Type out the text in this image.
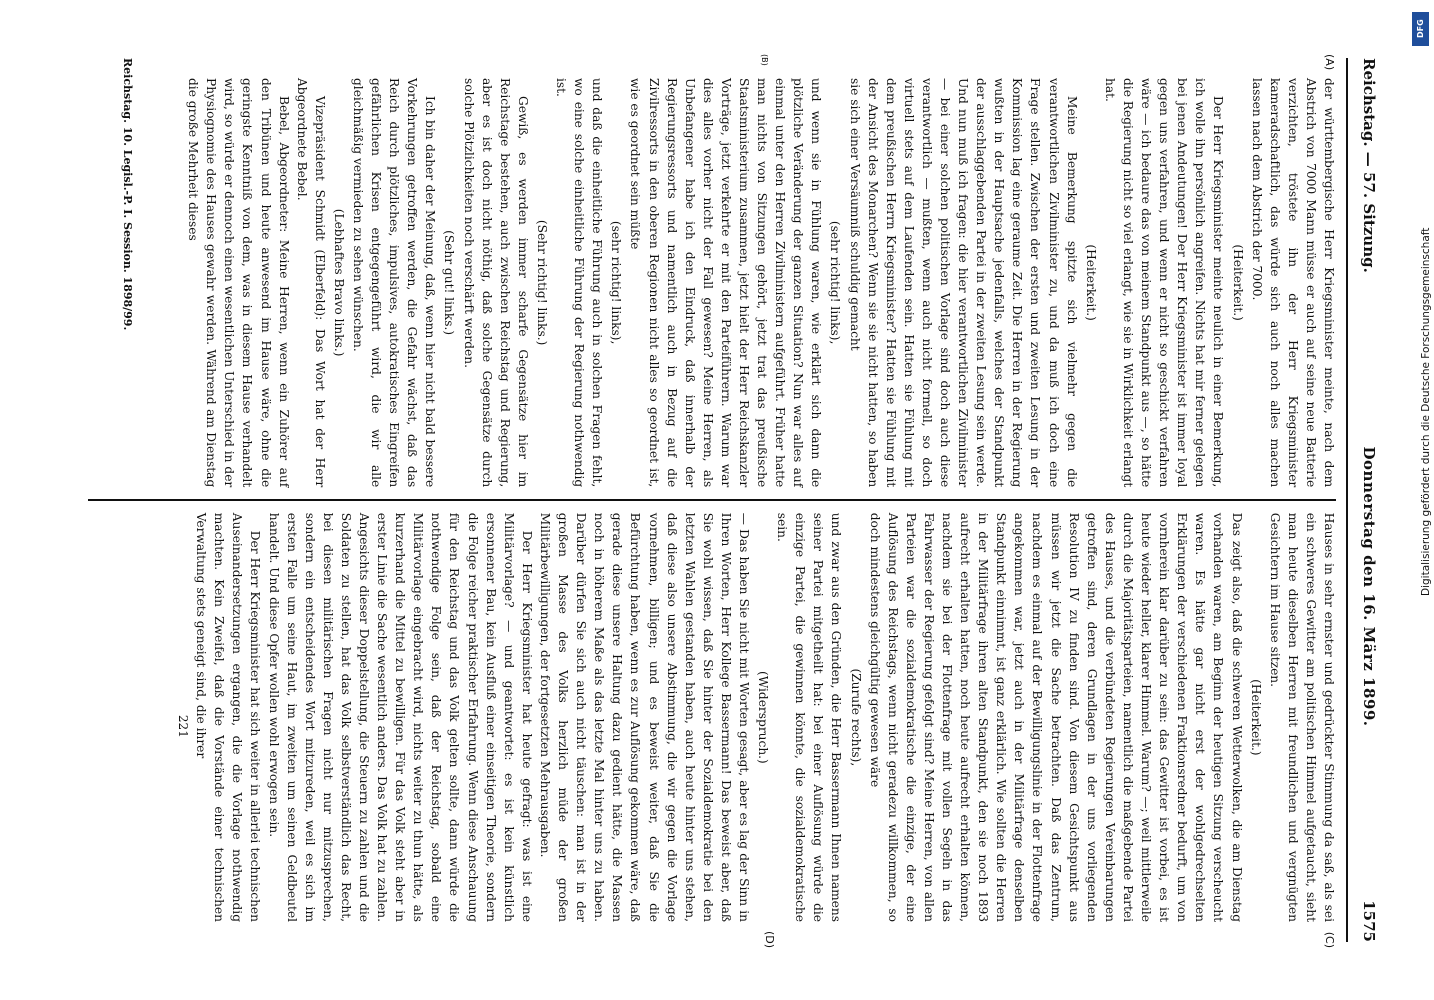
Reichstag. — 57. Sitzung.
Donnerstag den 16. März 1899.
1575
(A)
(B)

der württembergische Herr Kriegsminister meinte, nach dem Abstrich von 7000 Mann müsse er auch auf seine neue Batterie verzichten, tröstete ihn der Herr Kriegsminister kameradschaftlich, das würde sich auch noch alles machen lassen nach dem Abstrich der 7000.

(Heiterkeit.)

Der Herr Kriegsminister meinte neulich in einer Bemerkung, ich wolle ihn persönlich angreifen. Nichts hat mir ferner gelegen bei jenen Andeutungen! Der Herr Kriegsminister ist immer loyal gegen uns verfahren, und wenn er nicht so geschickt verfahren wäre — ich bedaure das von meinem Standpunkt aus —, so hätte die Regierung nicht so viel erlangt, wie sie in Wirklichkeit erlangt hat.

(Heiterkeit.)

Meine Bemerkung spitzte sich vielmehr gegen die verantwortlichen Zivilminister zu, und da muß ich doch eine Frage stellen. Zwischen der ersten und zweiten Lesung in der Kommission lag eine geraume Zeit. Die Herren in der Regierung wußten in der Hauptsache jedenfalls, welches der Standpunkt der ausschlaggebenden Partei in der zweiten Lesung sein werde. Und nun muß ich fragen: die hier verantwortlichen Zivilminister — bei einer solchen politischen Vorlage sind doch auch diese verantwortlich — mußten, wenn auch nicht formell, so doch virtuell stets auf dem Laufenden sein. Hatten sie Fühlung mit dem preußischen Herrn Kriegsminister? Hatten sie Fühlung mit der Ansicht des Monarchen? Wenn sie sie nicht hatten, so haben sie sich einer Versäumniß schuldig gemacht

(sehr richtig! links),

und wenn sie in Fühlung waren, wie erklärt sich dann die plötzliche Veränderung der ganzen Situation? Nun war alles auf einmal unter den Herren Zivilministern aufgeführt. Früher hatte man nichts von Sitzungen gehört, jetzt trat das preußische Staatsministerium zusammen, jetzt hielt der Herr Reichskanzler Vorträge, jetzt verkehrte er mit den Parteiführern. Warum war dies alles vorher nicht der Fall gewesen? Meine Herren, als Unbefangener habe ich den Eindruck, daß innerhalb der Regierungsressorts und namentlich auch in Bezug auf die Zivilressorts in den oberen Regionen nicht alles so geordnet ist, wie es geordnet sein müßte

(sehr richtig! links),

und daß die einheitliche Führung auch in solchen Fragen fehlt, wo eine solche einheitliche Führung der Regierung nothwendig ist.

(Sehr richtig! links.)

Gewiß, es werden immer scharfe Gegensätze hier im Reichstage bestehen, auch zwischen Reichstag und Regierung, aber es ist doch nicht nöthig, daß solche Gegensätze durch solche Plötzlichkeiten noch verschärft werden.

(Sehr gut! links.)

Ich bin daher der Meinung, daß, wenn hier nicht bald bessere Vorkehrungen getroffen werden, die Gefahr wächst, daß das Reich durch plötzliches, impulsives, autokratisches Eingreifen gefährlichen Krisen entgegengeführt wird, die wir alle gleichmäßig vermieden zu sehen wünschen.

(Lebhaftes Bravo links.)

Vizepräsident Schmidt (Elberfeld): Das Wort hat der Herr Abgeordnete Bebel.

Bebel, Abgeordneter: Meine Herren, wenn ein Zuhörer auf den Tribünen und heute anwesend im Hause wäre, ohne die geringste Kenntniß von dem, was in diesem Hause verhandelt wird, so würde er dennoch einen wesentlichen Unterschied in der Physiognomie des Hauses gewahr werden. Während am Dienstag die große Mehrheit dieses

(C)
(D)

Hauses in sehr ernster und gedrückter Stimmung da saß, als sei ein schweres Gewitter am politischen Himmel aufgetaucht, sieht man heute dieselben Herren mit freundlichen und vergnügten Gesichtern im Hause sitzen.

(Heiterkeit.)

Das zeigt also, daß die schweren Wetterwolken, die am Dienstag vorhanden waren, am Beginn der heutigen Sitzung verscheucht waren. Es hätte gar nicht erst der wohlgedrechselten Erklärungen der verschiedenen Fraktionsredner bedurft, um von vornherein klar darüber zu sein: das Gewitter ist vorbei, es ist heute wieder heller, klarer Himmel. Warum? —; weil mittlerweile durch die Majoritätsparteien, namentlich die maßgebende Partei des Hauses, und die verbündeten Regierungen Vereinbarungen getroffen sind, deren Grundlagen in der uns vorliegenden Resolution IV zu finden sind. Von diesem Gesichtspunkt aus müssen wir jetzt die Sache betrachten. Daß das Zentrum, nachdem es einmal auf der Bewilligungslinie in der Flottenfrage angekommen war, jetzt auch in der Militärfrage denselben Standpunkt einnimmt, ist ganz erklärlich. Wie sollten die Herren in der Militärfrage ihren alten Standpunkt, den sie noch 1893 aufrecht erhalten hatten, noch heute aufrecht erhalten können, nachdem sie bei der Flottenfrage mit vollen Segeln in das Fahrwasser der Regierung gefolgt sind? Meine Herren, von allen Parteien war die sozialdemokratische die einzige, der eine Auflösung des Reichstags, wenn nicht geradezu willkommen, so doch mindestens gleichgültig gewesen wäre

(Zurufe rechts),

und zwar aus den Gründen, die Herr Bassermann Ihnen namens seiner Partei mitgetheilt hat: bei einer Auflösung würde die einzige Partei, die gewinnen könnte, die sozialdemokratische sein.

(Widerspruch.)

— Das haben Sie nicht mit Worten gesagt, aber es lag der Sinn in Ihren Worten, Herr Kollege Bassermann! Das beweist aber, daß Sie wohl wissen, daß Sie hinter der Sozialdemokratie bei den letzten Wahlen gestanden haben, auch heute hinter uns stehen, daß diese also unsere Abstimmung, die wir gegen die Vorlage vornehmen, billigen; und es beweist weiter, daß Sie die Befürchtung haben, wenn es zur Auflösung gekommen wäre, daß gerade diese unsere Haltung dazu gedient hätte, die Massen noch in höherem Maße als das letzte Mal hinter uns zu haben. Darüber dürfen Sie sich auch nicht täuschen: man ist in der großen Masse des Volks herzlich müde der großen Militärbewilligungen, der fortgesetzten Mehrausgaben.

Der Herr Kriegsminister hat heute gefragt: was ist eine Militärvorlage? — und geantwortet: es ist kein künstlich ersonnener Bau, kein Ausfluß einer einseitigen Theorie, sondern die Folge reicher praktischer Erfahrung. Wenn diese Anschauung für den Reichstag und das Volk gelten sollte, dann würde die nothwendige Folge sein, daß der Reichstag, sobald eine Militärvorlage eingebracht wird, nichts weiter zu thun hätte, als kurzerhand die Mittel zu bewilligen. Für das Volk steht aber in erster Linie die Sache wesentlich anders. Das Volk hat zu zahlen. Angesichts dieser Doppelstellung, die Steuern zu zahlen und die Soldaten zu stellen, hat das Volk selbstverständlich das Recht, bei diesen militärischen Fragen nicht nur mitzusprechen, sondern ein entscheidendes Wort mitzureden, weil es sich im ersten Falle um seine Haut, im zweiten um seinen Geldbeutel handelt. Und diese Opfer wollen wohl erwogen sein.

Der Herr Kriegsminister hat sich weiter in allerlei technischen Auseinandersetzungen ergangen, die die Vorlage nothwendig machten. Kein Zweifel, daß die Vorstände einer technischen Verwaltung stets geneigt sind, die ihrer

221

Reichstag. 10. Legisl.-P. I. Session. 1898/99.
DFG
Digitalisierung gefördert durch die Deutsche Forschungsgemeinschaft
